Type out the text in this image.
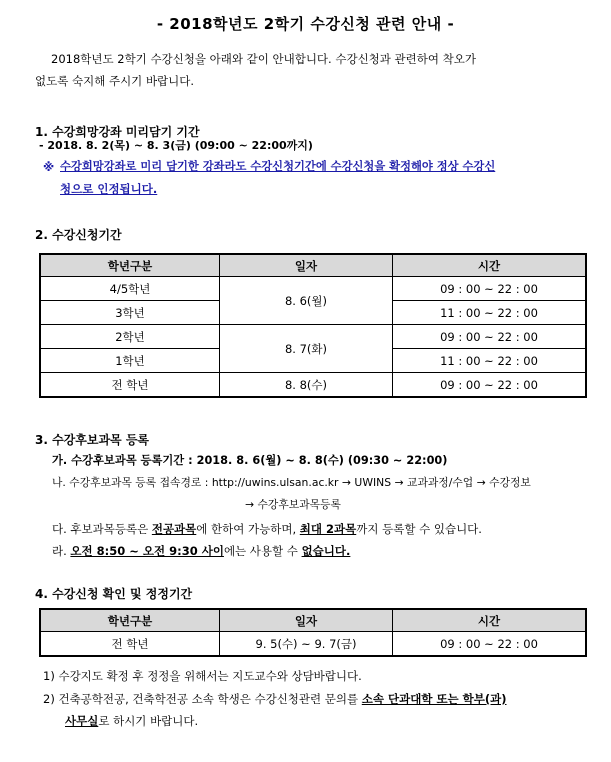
- 2018학년도 2학기 수강신청 관련 안내 -
2018학년도 2학기 수강신청을 아래와 같이 안내합니다. 수강신청과 관련하여 착오가
없도록 숙지해 주시기 바랍니다.
1. 수강희망강좌 미리담기 기간
- 2018. 8. 2(목) ~ 8. 3(금) (09:00 ~ 22:00까지)
※ 수강희망강좌로 미리 담기한 강좌라도 수강신청기간에 수강신청을 확정해야 정상 수강신
청으로 인정됩니다.
2. 수강신청기간
학년구분	일자	시간
4/5학년	8. 6(월)	09 : 00 ~ 22 : 00
3학년		11 : 00 ~ 22 : 00
2학년	8. 7(화)	09 : 00 ~ 22 : 00
1학년		11 : 00 ~ 22 : 00
전 학년	8. 8(수)	09 : 00 ~ 22 : 00
3. 수강후보과목 등록
가. 수강후보과목 등록기간 : 2018. 8. 6(월) ~ 8. 8(수) (09:30 ~ 22:00)
나. 수강후보과목 등록 접속경로 : http://uwins.ulsan.ac.kr → UWINS → 교과과정/수업 → 수강정보
→ 수강후보과목등록
다. 후보과목등록은 전공과목에 한하여 가능하며, 최대 2과목까지 등록할 수 있습니다.
라. 오전 8:50 ~ 오전 9:30 사이에는 사용할 수 없습니다.
4. 수강신청 확인 및 정정기간
학년구분	일자	시간
전 학년	9. 5(수) ~ 9. 7(금)	09 : 00 ~ 22 : 00
1) 수강지도 확정 후 정정을 위해서는 지도교수와 상담바랍니다.
2) 건축공학전공, 건축학전공 소속 학생은 수강신청관련 문의를 소속 단과대학 또는 학부(과)
사무실로 하시기 바랍니다.
